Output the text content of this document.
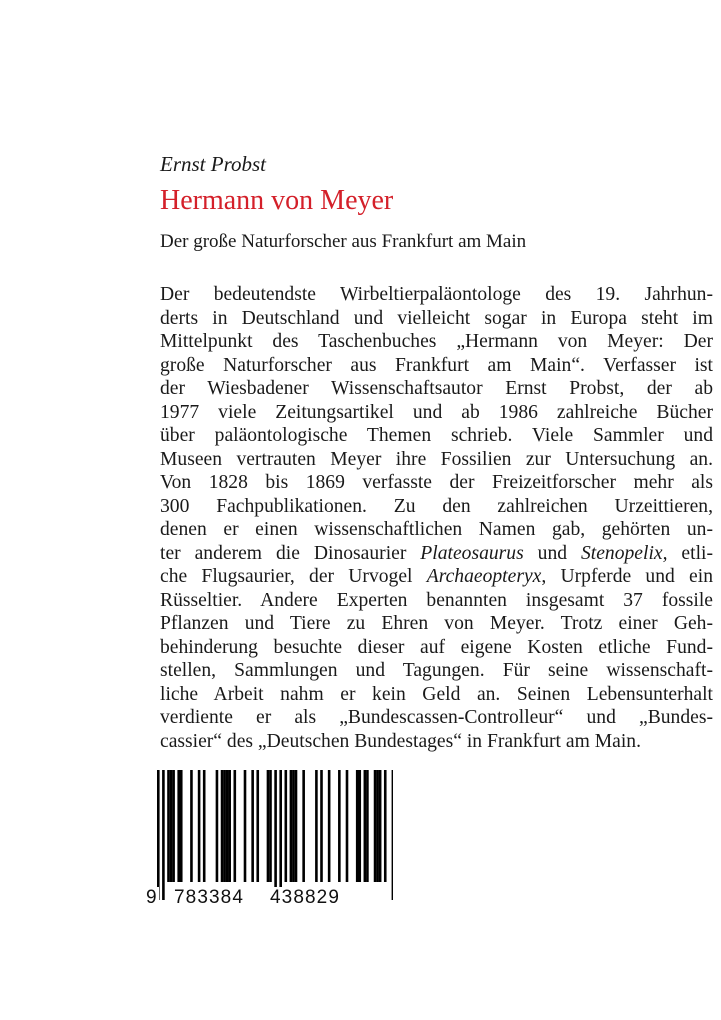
Ernst Probst

Hermann von Meyer

Der große Naturforscher aus Frankfurt am Main

Der bedeutendste Wirbeltierpaläontologe des 19. Jahrhun-
derts in Deutschland und vielleicht sogar in Europa steht im
Mittelpunkt des Taschenbuches „Hermann von Meyer: Der
große Naturforscher aus Frankfurt am Main“. Verfasser ist
der Wiesbadener Wissenschaftsautor Ernst Probst, der ab
1977 viele Zeitungsartikel und ab 1986 zahlreiche Bücher
über paläontologische Themen schrieb. Viele Sammler und
Museen vertrauten Meyer ihre Fossilien zur Untersuchung an.
Von 1828 bis 1869 verfasste der Freizeitforscher mehr als
300 Fachpublikationen. Zu den zahlreichen Urzeittieren,
denen er einen wissenschaftlichen Namen gab, gehörten un-
ter anderem die Dinosaurier Plateosaurus und Stenopelix, etli-
che Flugsaurier, der Urvogel Archaeopteryx, Urpferde und ein
Rüsseltier. Andere Experten benannten insgesamt 37 fossile
Pflanzen und Tiere zu Ehren von Meyer. Trotz einer Geh-
behinderung besuchte dieser auf eigene Kosten etliche Fund-
stellen, Sammlungen und Tagungen. Für seine wissenschaft-
liche Arbeit nahm er kein Geld an. Seinen Lebensunterhalt
verdiente er als „Bundescassen-Controlleur“ und „Bundes-
cassier“ des „Deutschen Bundestages“ in Frankfurt am Main.
9 783384 438829
